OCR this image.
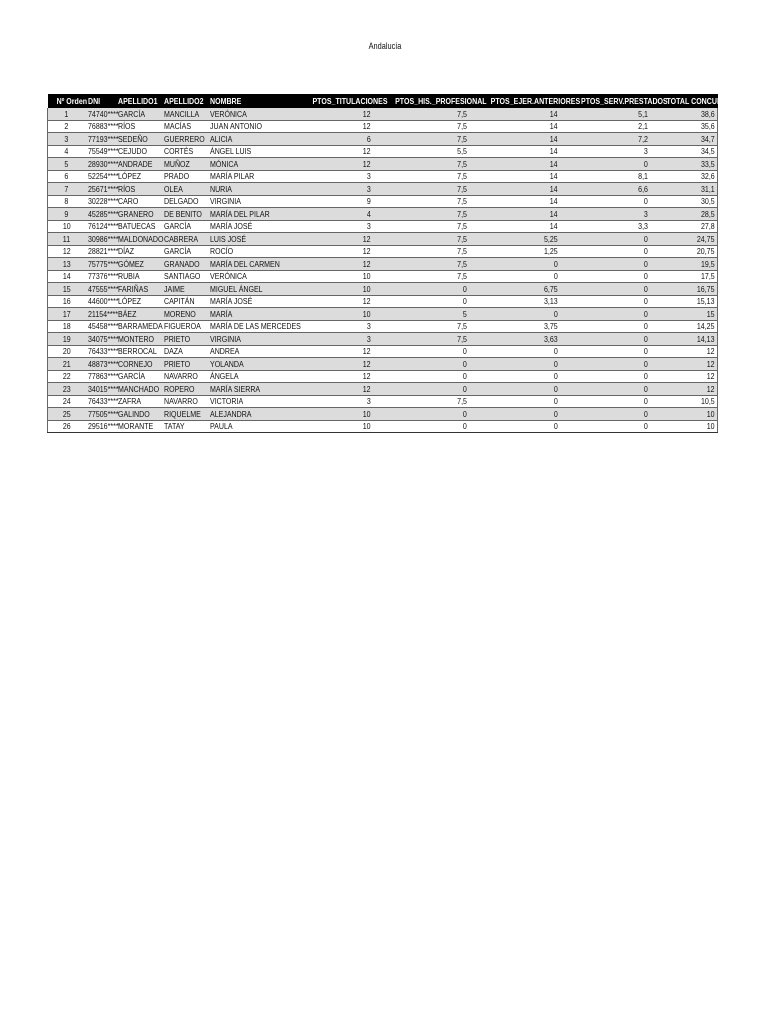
Andalucía
Nº Orden	DNI	APELLIDO1	APELLIDO2	NOMBRE	PTOS_TITULACIONES	PTOS_HIS._PROFESIONAL	PTOS_EJER.ANTERIORES	PTOS_SERV.PRESTADOS	TOTAL CONCURSO
1	74740****	GARCÍA	MANCILLA	VERÓNICA	12	7,5	14	5,1	38,6
2	76883****	RÍOS	MACÍAS	JUAN ANTONIO	12	7,5	14	2,1	35,6
3	77193****	SEDEÑO	GUERRERO	ALICIA	6	7,5	14	7,2	34,7
4	75549****	CEJUDO	CORTÉS	ÁNGEL LUIS	12	5,5	14	3	34,5
5	28930****	ANDRADE	MUÑOZ	MÓNICA	12	7,5	14	0	33,5
6	52254****	LÓPEZ	PRADO	MARÍA PILAR	3	7,5	14	8,1	32,6
7	25671****	RÍOS	OLEA	NURIA	3	7,5	14	6,6	31,1
8	30228****	CARO	DELGADO	VIRGINIA	9	7,5	14	0	30,5
9	45285****	GRANERO	DE BENITO	MARÍA DEL PILAR	4	7,5	14	3	28,5
10	76124****	BATUECAS	GARCÍA	MARÍA JOSÉ	3	7,5	14	3,3	27,8
11	30986****	MALDONADO	CABRERA	LUIS JOSÉ	12	7,5	5,25	0	24,75
12	28821****	DÍAZ	GARCÍA	ROCÍO	12	7,5	1,25	0	20,75
13	75775****	GÓMEZ	GRANADO	MARÍA DEL CARMEN	12	7,5	0	0	19,5
14	77376****	RUBIA	SANTIAGO	VERÓNICA	10	7,5	0	0	17,5
15	47555****	FARIÑAS	JAIME	MIGUEL ÁNGEL	10	0	6,75	0	16,75
16	44600****	LÓPEZ	CAPITÁN	MARÍA JOSÉ	12	0	3,13	0	15,13
17	21154****	BÁEZ	MORENO	MARÍA	10	5	0	0	15
18	45458****	BARRAMEDA	FIGUEROA	MARÍA DE LAS MERCEDES	3	7,5	3,75	0	14,25
19	34075****	MONTERO	PRIETO	VIRGINIA	3	7,5	3,63	0	14,13
20	76433****	BERROCAL	DAZA	ANDREA	12	0	0	0	12
21	48873****	CORNEJO	PRIETO	YOLANDA	12	0	0	0	12
22	77863****	GARCÍA	NAVARRO	ÁNGELA	12	0	0	0	12
23	34015****	MANCHADO	ROPERO	MARÍA SIERRA	12	0	0	0	12
24	76433****	ZAFRA	NAVARRO	VICTORIA	3	7,5	0	0	10,5
25	77505****	GALINDO	RIQUELME	ALEJANDRA	10	0	0	0	10
26	29516****	MORANTE	TATAY	PAULA	10	0	0	0	10
